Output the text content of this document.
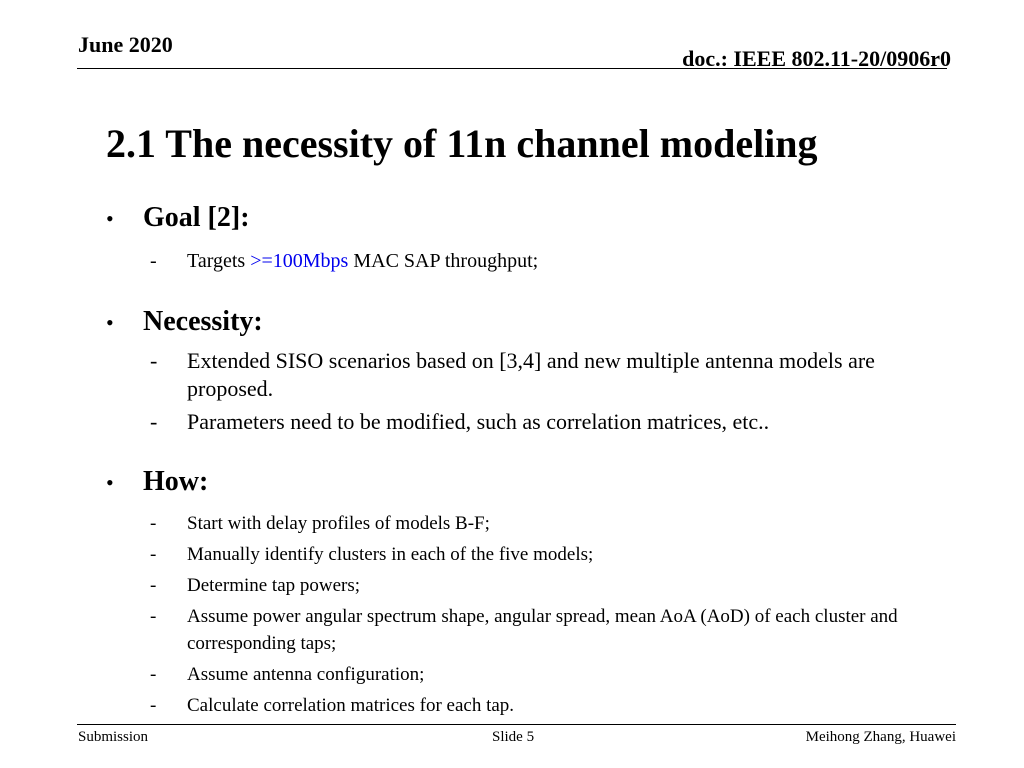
June 2020
doc.: IEEE 802.11-20/0906r0
2.1 The necessity of 11n channel modeling
•	Goal [2]:
-	Targets >=100Mbps MAC SAP throughput;
•	Necessity:
-	Extended SISO scenarios based on [3,4] and new multiple antenna models are proposed.
-	Parameters need to be modified, such as correlation matrices, etc..
•	How:
-	Start with delay profiles of models B-F;
-	Manually identify clusters in each of the five models;
-	Determine tap powers;
-	Assume power angular spectrum shape, angular spread, mean AoA (AoD) of each cluster and corresponding taps;
-	Assume antenna configuration;
-	Calculate correlation matrices for each tap.
Submission	Slide 5	Meihong Zhang, Huawei
